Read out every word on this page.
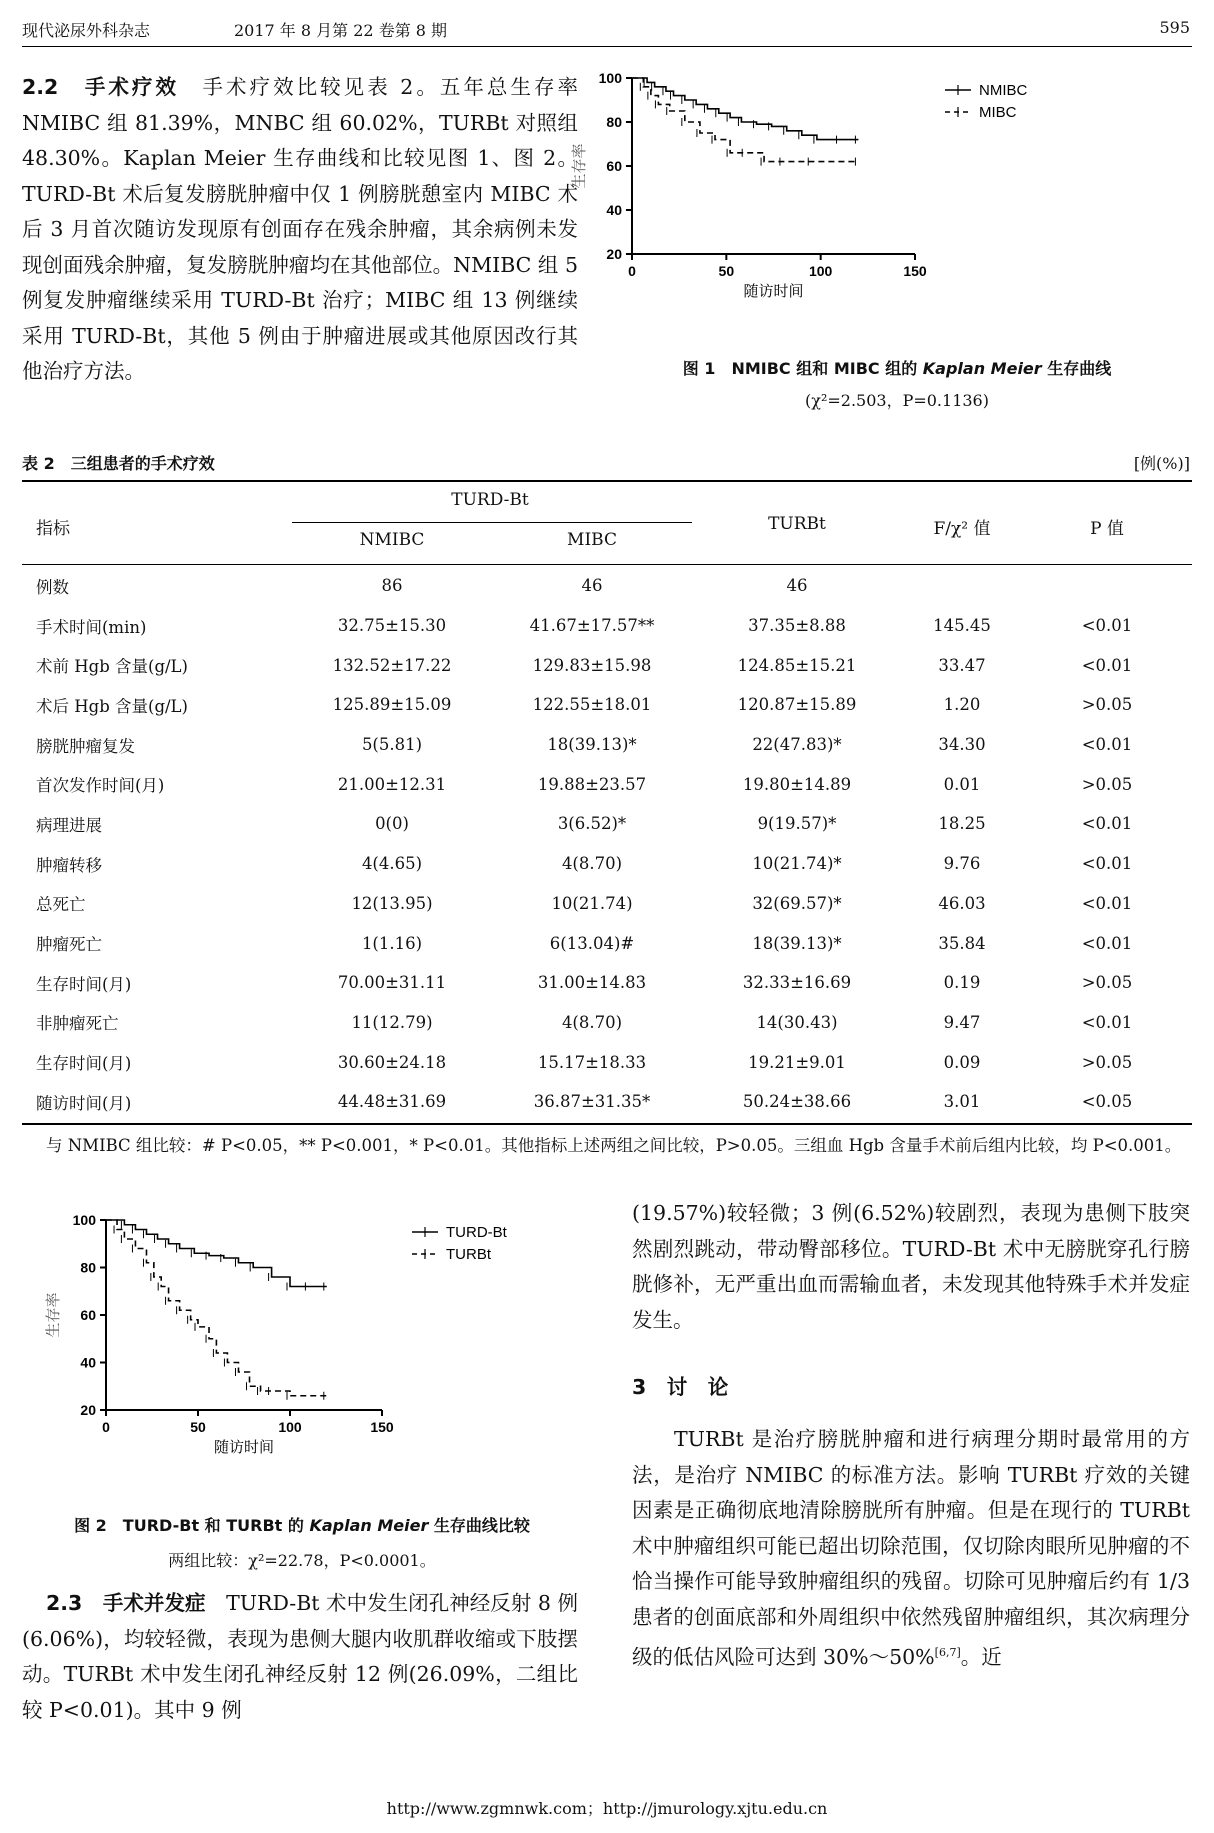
现代泌尿外科杂志	2017 年 8 月第 22 卷第 8 期	595
2.2　手术疗效　 手术疗效比较见表 2。五年总生存率 NMIBC 组 81.39%，MNBC 组 60.02%，TURBt 对照组 48.30%。Kaplan Meier 生存曲线和比较见图 1、图 2。TURD-Bt 术后复发膀胱肿瘤中仅 1 例膀胱憩室内 MIBC 术后 3 月首次随访发现原有创面存在残余肿瘤，其余病例未发现创面残余肿瘤，复发膀胱肿瘤均在其他部位。NMIBC 组 5 例复发肿瘤继续采用 TURD-Bt 治疗；MIBC 组 13 例继续采用 TURD-Bt，其他 5 例由于肿瘤进展或其他原因改行其他治疗方法。
20
40
60
80
100
0	50	100	150
随访时间
生存率
NMIBC
MIBC
图 1　 NMIBC 组和 MIBC 组的 Kaplan Meier 生存曲线
(χ²=2.503，P=0.1136)
表 2　三组患者的手术疗效	[例(%)]
指标
TURD-Bt
NMIBC	MIBC
TURBt	F/χ² 值	P 值
例数	86	46	46		
手术时间(min)	32.75±15.30	41.67±17.57**	37.35±8.88	145.45	<0.01
术前 Hgb 含量(g/L)	132.52±17.22	129.83±15.98	124.85±15.21	33.47	<0.01
术后 Hgb 含量(g/L)	125.89±15.09	122.55±18.01	120.87±15.89	1.20	>0.05
膀胱肿瘤复发	5(5.81)	18(39.13)*	22(47.83)*	34.30	<0.01
首次发作时间(月)	21.00±12.31	19.88±23.57	19.80±14.89	0.01	>0.05
病理进展	0(0)	3(6.52)*	9(19.57)*	18.25	<0.01
肿瘤转移	4(4.65)	4(8.70)	10(21.74)*	9.76	<0.01
总死亡	12(13.95)	10(21.74)	32(69.57)*	46.03	<0.01
肿瘤死亡	1(1.16)	6(13.04)#	18(39.13)*	35.84	<0.01
生存时间(月)	70.00±31.11	31.00±14.83	32.33±16.69	0.19	>0.05
非肿瘤死亡	11(12.79)	4(8.70)	14(30.43)	9.47	<0.01
生存时间(月)	30.60±24.18	15.17±18.33	19.21±9.01	0.09	>0.05
随访时间(月)	44.48±31.69	36.87±31.35*	50.24±38.66	3.01	<0.05
与 NMIBC 组比较：# P<0.05，** P<0.001，* P<0.01。其他指标上述两组之间比较，P>0.05。三组血 Hgb 含量手术前后组内比较，均 P<0.001。
20
40
60
80
100
0	50	100	150
随访时间
生存率
TURD-Bt
TURBt
图 2　 TURD-Bt 和 TURBt 的 Kaplan Meier 生存曲线比较
两组比较：χ²=22.78，P<0.0001。
2.3　手术并发症　 TURD-Bt 术中发生闭孔神经反射 8 例(6.06%)，均较轻微，表现为患侧大腿内收肌群收缩或下肢摆动。TURBt 术中发生闭孔神经反射 12 例(26.09%，二组比较 P<0.01)。其中 9 例
(19.57%)较轻微；3 例(6.52%)较剧烈，表现为患侧下肢突然剧烈跳动，带动臀部移位。TURD-Bt 术中无膀胱穿孔行膀胱修补，无严重出血而需输血者，未发现其他特殊手术并发症发生。
3　讨　论
TURBt 是治疗膀胱肿瘤和进行病理分期时最常用的方法，是治疗 NMIBC 的标准方法。影响 TURBt 疗效的关键因素是正确彻底地清除膀胱所有肿瘤。但是在现行的 TURBt 术中肿瘤组织可能已超出切除范围，仅切除肉眼所见肿瘤的不恰当操作可能导致肿瘤组织的残留。切除可见肿瘤后约有 1/3 患者的创面底部和外周组织中依然残留肿瘤组织，其次病理分级的低估风险可达到 30%～50%[6,7]。近
http://www.zgmnwk.com；http://jmurology.xjtu.edu.cn
